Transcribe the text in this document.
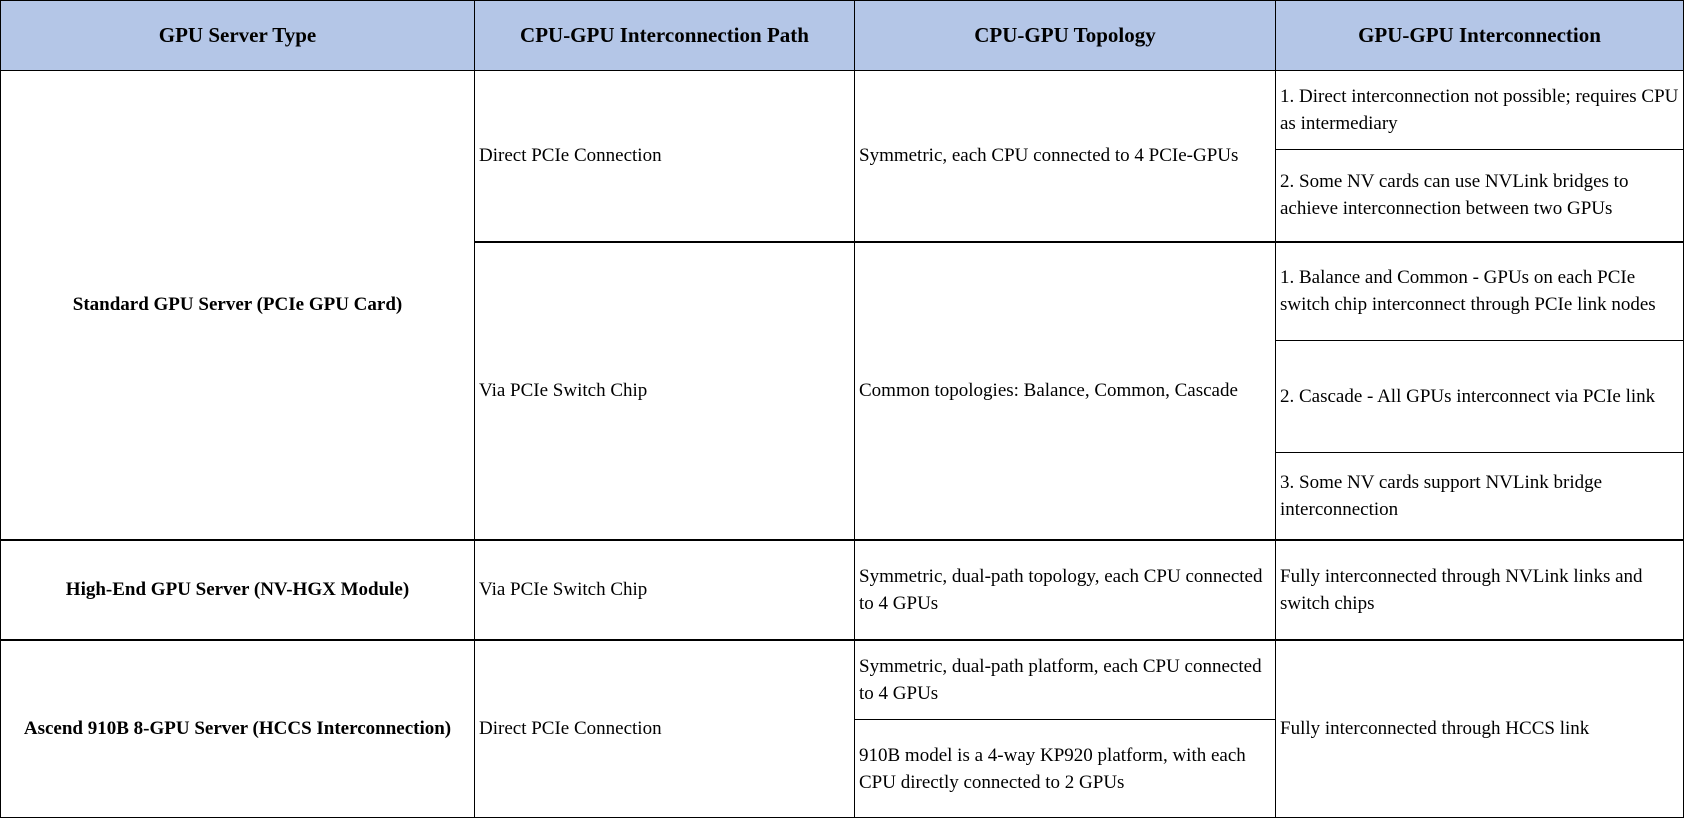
GPU Server Type	CPU-GPU Interconnection Path	CPU-GPU Topology	GPU-GPU Interconnection
Standard GPU Server (PCIe GPU Card)	Direct PCIe Connection	Symmetric, each CPU connected to 4 PCIe-GPUs	1. Direct interconnection not possible; requires CPU as intermediary
			2. Some NV cards can use NVLink bridges to achieve interconnection between two GPUs
	Via PCIe Switch Chip	Common topologies: Balance, Common, Cascade	1. Balance and Common - GPUs on each PCIe switch chip interconnect through PCIe link nodes
			2. Cascade - All GPUs interconnect via PCIe link
			3. Some NV cards support NVLink bridge interconnection
High-End GPU Server (NV-HGX Module)	Via PCIe Switch Chip	Symmetric, dual-path topology, each CPU connected to 4 GPUs	Fully interconnected through NVLink links and switch chips
Ascend 910B 8-GPU Server (HCCS Interconnection)	Direct PCIe Connection	Symmetric, dual-path platform, each CPU connected to 4 GPUs	Fully interconnected through HCCS link
		910B model is a 4-way KP920 platform, with each CPU directly connected to 2 GPUs	
